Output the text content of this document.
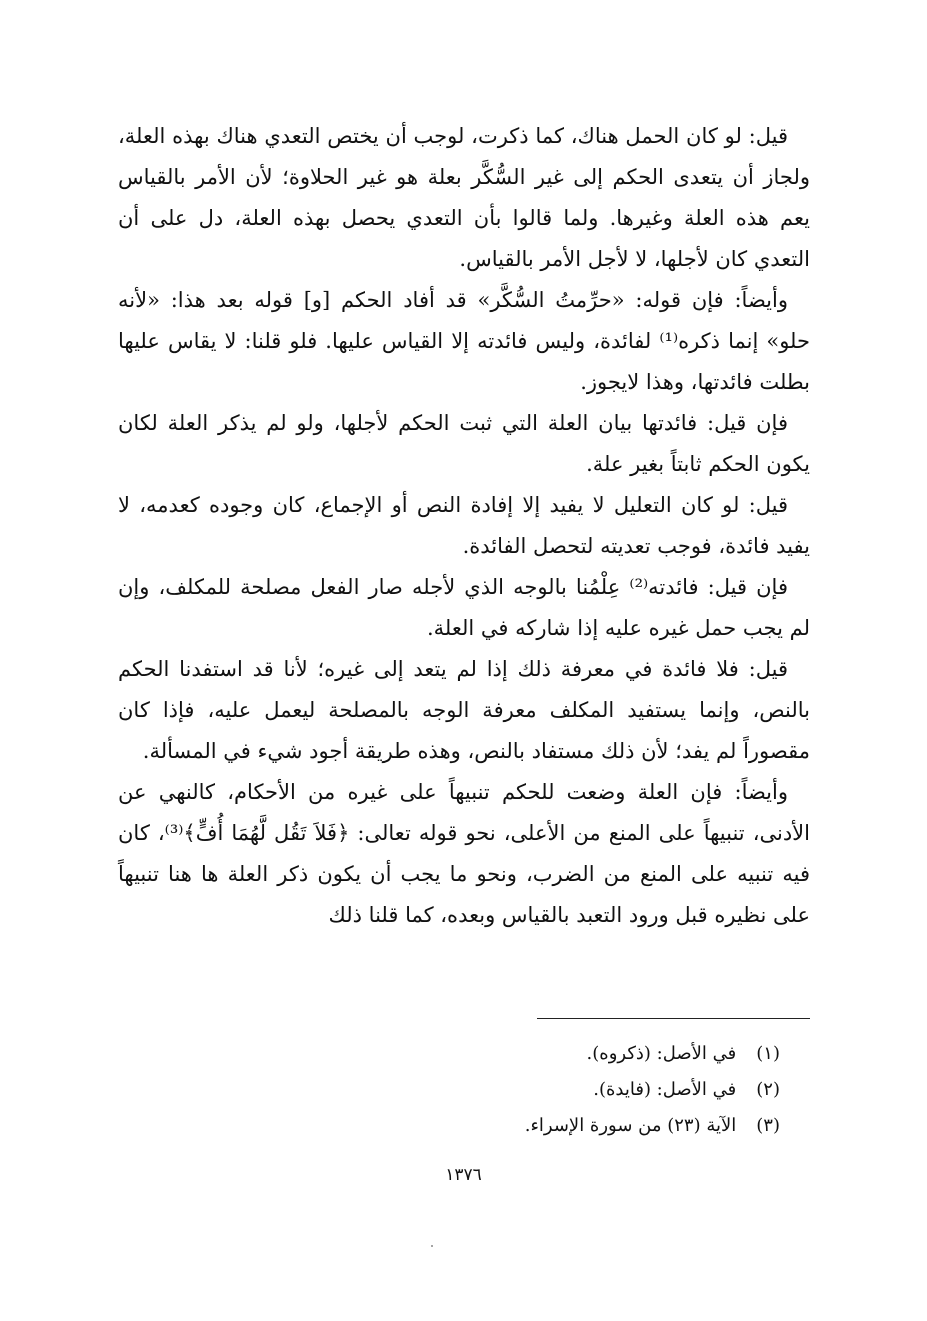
قيل: لو كان الحمل هناك، كما ذكرت، لوجب أن يختص التعدي هناك بهذه العلة، ولجاز أن يتعدى الحكم إلى غير السُّكَّر بعلة هو غير الحلاوة؛ لأن الأمر بالقياس يعم هذه العلة وغيرها. ولما قالوا بأن التعدي يحصل بهذه العلة، دل على أن التعدي كان لأجلها، لا لأجل الأمر بالقياس.

وأيضاً: فإن قوله: «حرِّمتُ السُّكَّر» قد أفاد الحكم [و] قوله بعد هذا: «لأنه حلو» إنما ذكره⁽¹⁾ لفائدة، وليس فائدته إلا القياس عليها. فلو قلنا: لا يقاس عليها بطلت فائدتها، وهذا لايجوز.

فإن قيل: فائدتها بيان العلة التي ثبت الحكم لأجلها، ولو لم يذكر العلة لكان يكون الحكم ثابتاً بغير علة.

قيل: لو كان التعليل لا يفيد إلا إفادة النص أو الإجماع، كان وجوده كعدمه، لا يفيد فائدة، فوجب تعديته لتحصل الفائدة.

فإن قيل: فائدته⁽²⁾ عِلْمُنا بالوجه الذي لأجله صار الفعل مصلحة للمكلف، وإن لم يجب حمل غيره عليه إذا شاركه في العلة.

قيل: فلا فائدة في معرفة ذلك إذا لم يتعد إلى غيره؛ لأنا قد استفدنا الحكم بالنص، وإنما يستفيد المكلف معرفة الوجه بالمصلحة ليعمل عليه، فإذا كان مقصوراً لم يفد؛ لأن ذلك مستفاد بالنص، وهذه طريقة أجود شيء في المسألة.

وأيضاً: فإن العلة وضعت للحكم تنبيهاً على غيره من الأحكام، كالنهي عن الأدنى، تنبيهاً على المنع من الأعلى، نحو قوله تعالى: ﴿فَلاَ تَقُل لَّهُمَا أُفٍّ﴾⁽³⁾، كان فيه تنبيه على المنع من الضرب، ونحو ما يجب أن يكون ذكر العلة ها هنا تنبيهاً على نظيره قبل ورود التعبد بالقياس وبعده، كما قلنا ذلك

(١) في الأصل: (ذكروه).
(٢) في الأصل: (فايدة).
(٣) الآية (٢٣) من سورة الإسراء.
١٣٧٦
